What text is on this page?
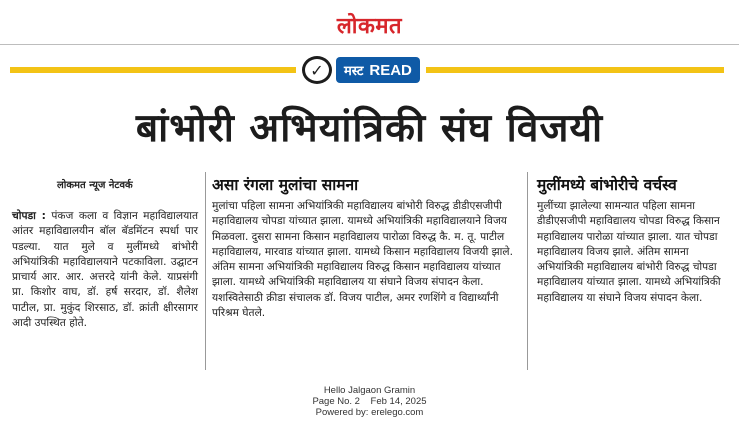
लोकमत
✓	मस्ट READ
बांभोरी अभियांत्रिकी संघ विजयी
लोकमत न्यूज नेटवर्क
चोपडा : पंकज कला व विज्ञान महाविद्यालयात आंतर महाविद्यालयीन बॉल बॅडमिंटन स्पर्धा पार पडल्या. यात मुले व मुलींमध्ये बांभोरी अभियांत्रिकी महाविद्यालयाने पटकाविला. उद्घाटन प्राचार्य आर. आर. अत्तरदे यांनी केले. याप्रसंगी प्रा. किशोर वाघ, डॉ. हर्ष सरदार, डॉ. शैलेश पाटील, प्रा. मुकुंद शिरसाठ, डॉ. क्रांती क्षीरसागर आदी उपस्थित होते.
असा रंगला मुलांचा सामना
मुलांचा पहिला सामना अभियांत्रिकी महाविद्यालय बांभोरी विरुद्ध डीडीएसजीपी महाविद्यालय चोपडा यांच्यात झाला. यामध्ये अभियांत्रिकी महाविद्यालयाने विजय मिळवला. दुसरा सामना किसान महाविद्यालय पारोळा विरुद्ध कै. म. तू. पाटील महाविद्यालय, मारवाड यांच्यात झाला. यामध्ये किसान महाविद्यालय विजयी झाले. अंतिम सामना अभियांत्रिकी महाविद्यालय विरुद्ध किसान महाविद्यालय यांच्यात झाला. यामध्ये अभियांत्रिकी महाविद्यालय या संघाने विजय संपादन केला. यशस्वितेसाठी क्रीडा संचालक डॉ. विजय पाटील, अमर रणशिंगे व विद्यार्थ्यांनी परिश्रम घेतले.
मुलींमध्ये बांभोरीचे वर्चस्व
मुलींच्या झालेल्या सामन्यात पहिला सामना डीडीएसजीपी महाविद्यालय चोपडा विरुद्ध किसान महाविद्यालय पारोळा यांच्यात झाला. यात चोपडा महाविद्यालय विजय झाले. अंतिम सामना अभियांत्रिकी महाविद्यालय बांभोरी विरुद्ध चोपडा महाविद्यालय यांच्यात झाला. यामध्ये अभियांत्रिकी महाविद्यालय या संघाने विजय संपादन केला.
Hello Jalgaon Gramin
Page No. 2 Feb 14, 2025
Powered by: erelego.com
